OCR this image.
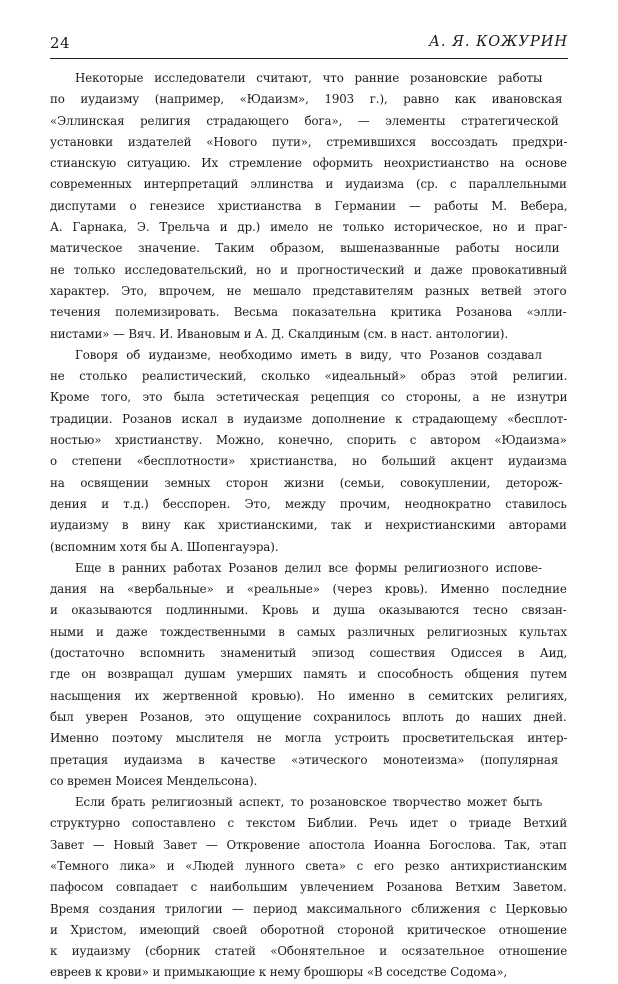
24	А. Я. КОЖУРИН

Некоторые исследователи считают, что ранние розановские работы
по иудаизму (например, «Юдаизм», 1903 г.), равно как ивановская
«Эллинская религия страдающего бога», — элементы стратегической
установки издателей «Нового пути», стремившихся воссоздать предхри-
стианскую ситуацию. Их стремление оформить неохристианство на основе
современных интерпретаций эллинства и иудаизма (ср. с параллельными
диспутами о генезисе христианства в Германии — работы М. Вебера,
А. Гарнака, Э. Трельча и др.) имело не только историческое, но и праг-
матическое значение. Таким образом, вышеназванные работы носили
не только исследовательский, но и прогностический и даже провокативный
характер. Это, впрочем, не мешало представителям разных ветвей этого
течения полемизировать. Весьма показательна критика Розанова «элли-
нистами» — Вяч. И. Ивановым и А. Д. Скалдиным (см. в наст. антологии).

Говоря об иудаизме, необходимо иметь в виду, что Розанов создавал
не столько реалистический, сколько «идеальный» образ этой религии.
Кроме того, это была эстетическая рецепция со стороны, а не изнутри
традиции. Розанов искал в иудаизме дополнение к страдающему «бесплот-
ностью» христианству. Можно, конечно, спорить с автором «Юдаизма»
о степени «бесплотности» христианства, но больший акцент иудаизма
на освящении земных сторон жизни (семьи, совокуплении, деторож-
дения и т.д.) бесспорен. Это, между прочим, неоднократно ставилось
иудаизму в вину как христианскими, так и нехристианскими авторами
(вспомним хотя бы А. Шопенгауэра).

Еще в ранних работах Розанов делил все формы религиозного испове-
дания на «вербальные» и «реальные» (через кровь). Именно последние
и оказываются подлинными. Кровь и душа оказываются тесно связан-
ными и даже тождественными в самых различных религиозных культах
(достаточно вспомнить знаменитый эпизод сошествия Одиссея в Аид,
где он возвращал душам умерших память и способность общения путем
насыщения их жертвенной кровью). Но именно в семитских религиях,
был уверен Розанов, это ощущение сохранилось вплоть до наших дней.
Именно поэтому мыслителя не могла устроить просветительская интер-
претация иудаизма в качестве «этического монотеизма» (популярная
со времен Моисея Мендельсона).

Если брать религиозный аспект, то розановское творчество может быть
структурно сопоставлено с текстом Библии. Речь идет о триаде Ветхий
Завет — Новый Завет — Откровение апостола Иоанна Богослова. Так, этап
«Темного лика» и «Людей лунного света» с его резко антихристианским
пафосом совпадает с наибольшим увлечением Розанова Ветхим Заветом.
Время создания трилогии — период максимального сближения с Церковью
и Христом, имеющий своей оборотной стороной критическое отношение
к иудаизму (сборник статей «Обонятельное и осязательное отношение
евреев к крови» и примыкающие к нему брошюры «В соседстве Содома»,
